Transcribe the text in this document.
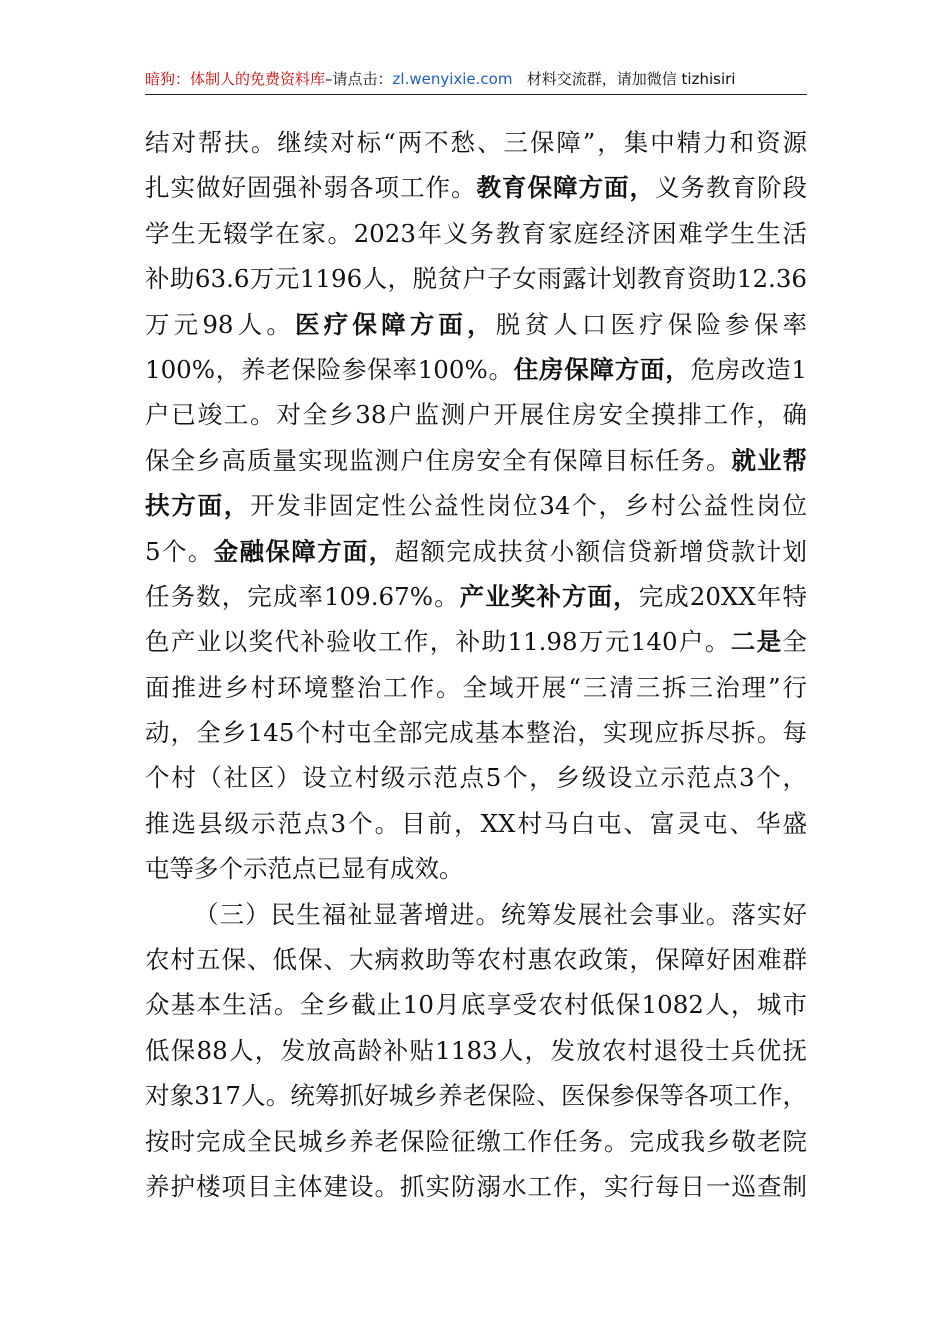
暗狗：体制人的免费资料库–请点击：zl.wenyixie.com 材料交流群，请加微信 tizhisiri
结对帮扶。继续对标“两不愁、三保障”，集中精力和资源
扎实做好固强补弱各项工作。教育保障方面，义务教育阶段
学生无辍学在家。2023年义务教育家庭经济困难学生生活
补助63.6万元1196人，脱贫户子女雨露计划教育资助12.36
万元98人。医疗保障方面，脱贫人口医疗保险参保率
100%，养老保险参保率100%。住房保障方面，危房改造1
户已竣工。对全乡38户监测户开展住房安全摸排工作，确
保全乡高质量实现监测户住房安全有保障目标任务。就业帮
扶方面，开发非固定性公益性岗位34个，乡村公益性岗位
5个。金融保障方面，超额完成扶贫小额信贷新增贷款计划
任务数，完成率109.67%。产业奖补方面，完成20XX年特
色产业以奖代补验收工作，补助11.98万元140户。二是全
面推进乡村环境整治工作。全域开展“三清三拆三治理”行
动，全乡145个村屯全部完成基本整治，实现应拆尽拆。每
个村（社区）设立村级示范点5个，乡级设立示范点3个，
推选县级示范点3个。目前，XX村马白屯、富灵屯、华盛
屯等多个示范点已显有成效。
（三）民生福祉显著增进。统筹发展社会事业。落实好
农村五保、低保、大病救助等农村惠农政策，保障好困难群
众基本生活。全乡截止10月底享受农村低保1082人，城市
低保88人，发放高龄补贴1183人，发放农村退役士兵优抚
对象317人。统筹抓好城乡养老保险、医保参保等各项工作，
按时完成全民城乡养老保险征缴工作任务。完成我乡敬老院
养护楼项目主体建设。抓实防溺水工作，实行每日一巡查制
